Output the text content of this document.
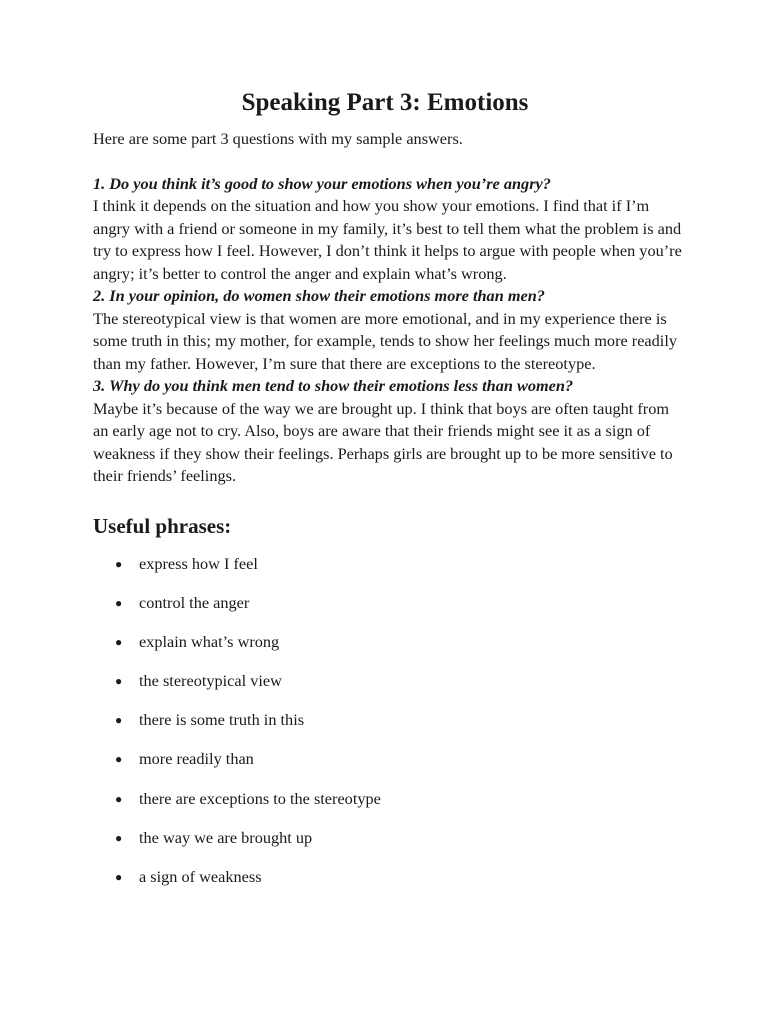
Speaking Part 3: Emotions

Here are some part 3 questions with my sample answers.

1. Do you think it’s good to show your emotions when you’re angry?

I think it depends on the situation and how you show your emotions. I find that if I’m angry with a friend or someone in my family, it’s best to tell them what the problem is and try to express how I feel. However, I don’t think it helps to argue with people when you’re angry; it’s better to control the anger and explain what’s wrong.

2. In your opinion, do women show their emotions more than men?

The stereotypical view is that women are more emotional, and in my experience there is some truth in this; my mother, for example, tends to show her feelings much more readily than my father. However, I’m sure that there are exceptions to the stereotype.

3. Why do you think men tend to show their emotions less than women?

Maybe it’s because of the way we are brought up. I think that boys are often taught from an early age not to cry. Also, boys are aware that their friends might see it as a sign of weakness if they show their feelings. Perhaps girls are brought up to be more sensitive to their friends’ feelings.

Useful phrases:
● express how I feel
● control the anger
● explain what’s wrong
● the stereotypical view
● there is some truth in this
● more readily than
● there are exceptions to the stereotype
● the way we are brought up
● a sign of weakness
